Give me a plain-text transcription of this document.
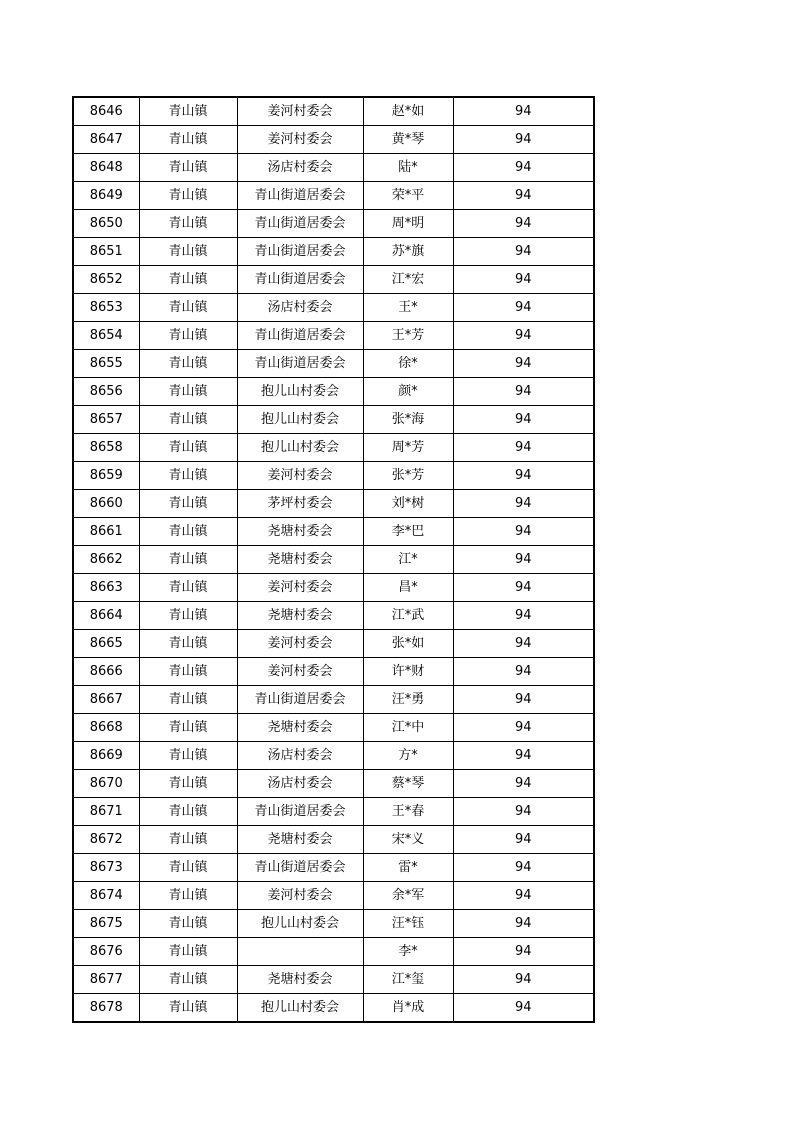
8646	青山镇	姜河村委会	赵*如	94
8647	青山镇	姜河村委会	黄*琴	94
8648	青山镇	汤店村委会	陆*	94
8649	青山镇	青山街道居委会	荣*平	94
8650	青山镇	青山街道居委会	周*明	94
8651	青山镇	青山街道居委会	苏*旗	94
8652	青山镇	青山街道居委会	江*宏	94
8653	青山镇	汤店村委会	王*	94
8654	青山镇	青山街道居委会	王*芳	94
8655	青山镇	青山街道居委会	徐*	94
8656	青山镇	抱儿山村委会	颜*	94
8657	青山镇	抱儿山村委会	张*海	94
8658	青山镇	抱儿山村委会	周*芳	94
8659	青山镇	姜河村委会	张*芳	94
8660	青山镇	茅坪村委会	刘*树	94
8661	青山镇	尧塘村委会	李*巴	94
8662	青山镇	尧塘村委会	江*	94
8663	青山镇	姜河村委会	昌*	94
8664	青山镇	尧塘村委会	江*武	94
8665	青山镇	姜河村委会	张*如	94
8666	青山镇	姜河村委会	许*财	94
8667	青山镇	青山街道居委会	汪*勇	94
8668	青山镇	尧塘村委会	江*中	94
8669	青山镇	汤店村委会	方*	94
8670	青山镇	汤店村委会	蔡*琴	94
8671	青山镇	青山街道居委会	王*春	94
8672	青山镇	尧塘村委会	宋*义	94
8673	青山镇	青山街道居委会	雷*	94
8674	青山镇	姜河村委会	余*军	94
8675	青山镇	抱儿山村委会	汪*钰	94
8676	青山镇		李*	94
8677	青山镇	尧塘村委会	江*玺	94
8678	青山镇	抱儿山村委会	肖*成	94
